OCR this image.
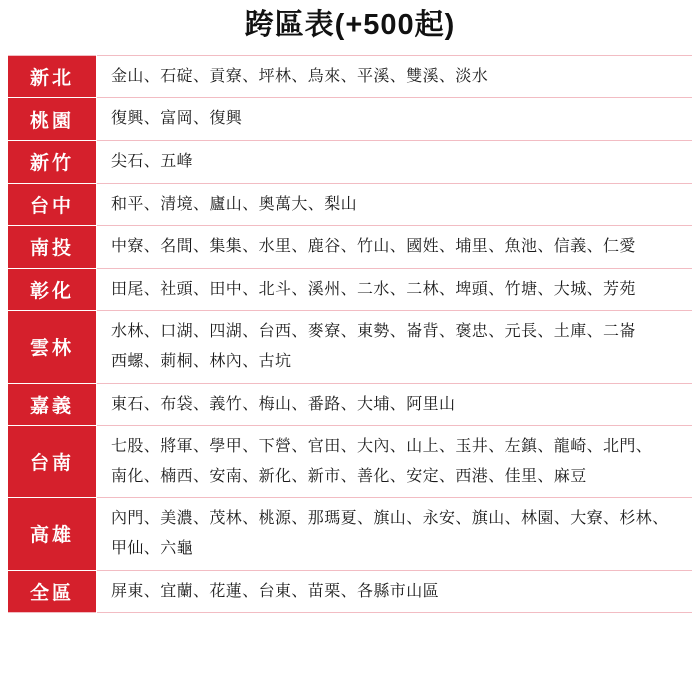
跨區表(+500起)
新北	金山、石碇、貢寮、坪林、烏來、平溪、雙溪、淡水

桃園	復興、富岡、復興

新竹	尖石、五峰

台中	和平、清境、廬山、奧萬大、梨山

南投	中寮、名間、集集、水里、鹿谷、竹山、國姓、埔里、魚池、信義、仁愛

彰化	田尾、社頭、田中、北斗、溪州、二水、二林、埤頭、竹塘、大城、芳苑

雲林	水林、口湖、四湖、台西、麥寮、東勢、崙背、褒忠、元長、土庫、二崙
西螺、莿桐、林內、古坑

嘉義	東石、布袋、義竹、梅山、番路、大埔、阿里山

台南	七股、將軍、學甲、下營、官田、大內、山上、玉井、左鎮、龍崎、北門、
南化、楠西、安南、新化、新市、善化、安定、西港、佳里、麻豆

高雄	內門、美濃、茂林、桃源、那瑪夏、旗山、永安、旗山、林園、大寮、杉林、
甲仙、六龜

全區	屏東、宜蘭、花蓮、台東、苗栗、各縣市山區
